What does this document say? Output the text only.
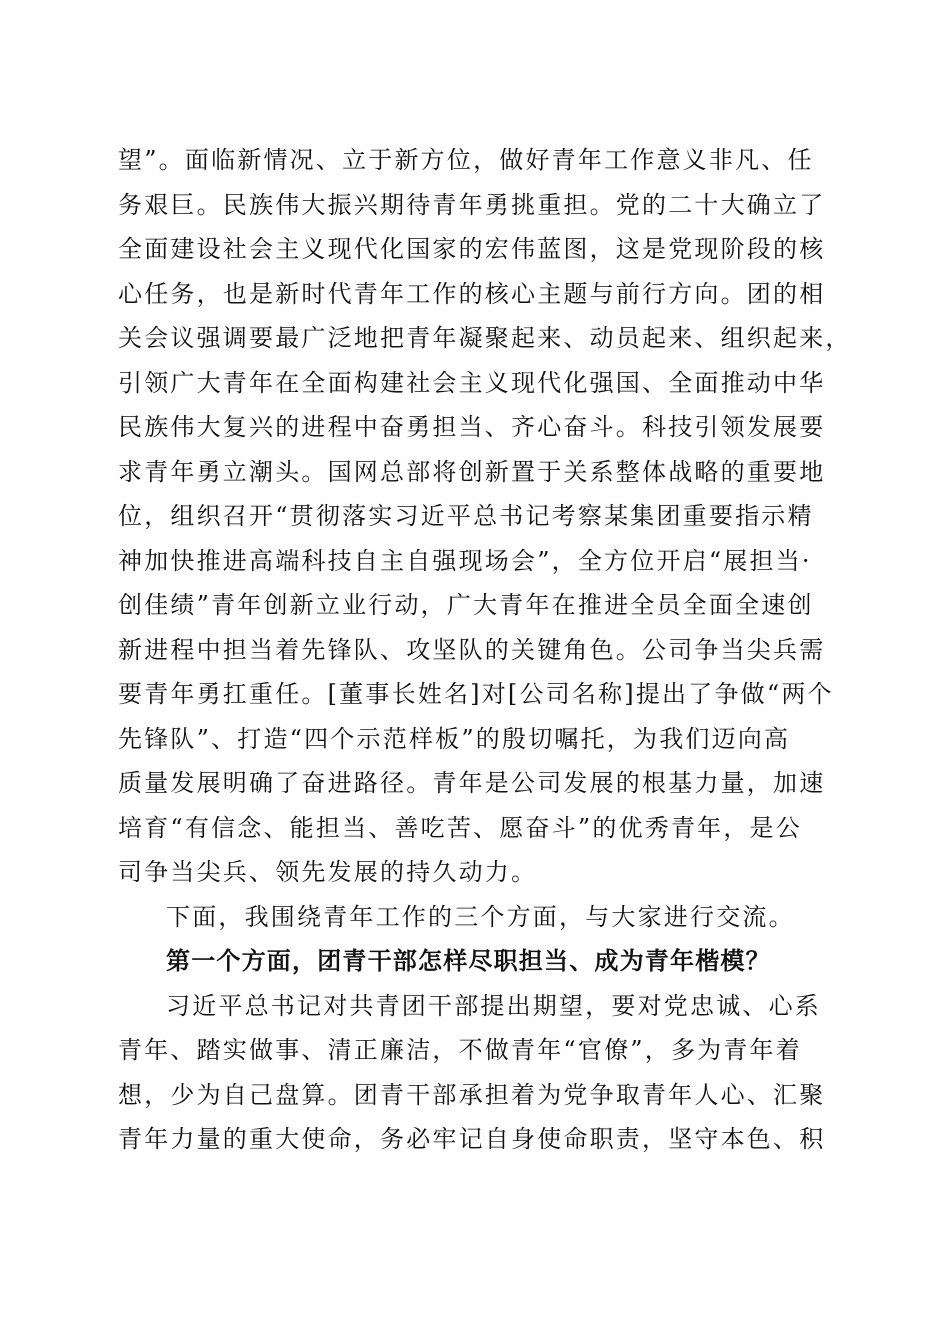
望”。面临新情况、立于新方位，做好青年工作意义非凡、任
务艰巨。民族伟大振兴期待青年勇挑重担。党的二十大确立了
全面建设社会主义现代化国家的宏伟蓝图，这是党现阶段的核
心任务，也是新时代青年工作的核心主题与前行方向。团的相
关会议强调要最广泛地把青年凝聚起来、动员起来、组织起来，
引领广大青年在全面构建社会主义现代化强国、全面推动中华
民族伟大复兴的进程中奋勇担当、齐心奋斗。科技引领发展要
求青年勇立潮头。国网总部将创新置于关系整体战略的重要地
位，组织召开“贯彻落实习近平总书记考察某集团重要指示精
神加快推进高端科技自主自强现场会”，全方位开启“展担当·
创佳绩”青年创新立业行动，广大青年在推进全员全面全速创
新进程中担当着先锋队、攻坚队的关键角色。公司争当尖兵需
要青年勇扛重任。[董事长姓名]对[公司名称]提出了争做“两个
先锋队”、打造“四个示范样板”的殷切嘱托，为我们迈向高
质量发展明确了奋进路径。青年是公司发展的根基力量，加速
培育“有信念、能担当、善吃苦、愿奋斗”的优秀青年，是公
司争当尖兵、领先发展的持久动力。
下面，我围绕青年工作的三个方面，与大家进行交流。
第一个方面，团青干部怎样尽职担当、成为青年楷模？
习近平总书记对共青团干部提出期望，要对党忠诚、心系
青年、踏实做事、清正廉洁，不做青年“官僚”，多为青年着
想，少为自己盘算。团青干部承担着为党争取青年人心、汇聚
青年力量的重大使命，务必牢记自身使命职责，坚守本色、积
